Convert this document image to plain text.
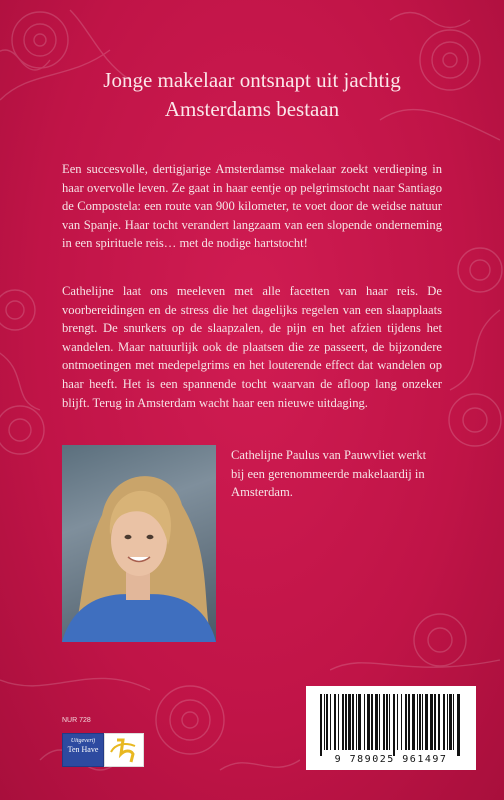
Jonge makelaar ontsnapt uit jachtig
Amsterdams bestaan

Een succesvolle, dertigjarige Amsterdamse makelaar zoekt verdieping in haar overvolle leven. Ze gaat in haar eentje op pelgrimstocht naar Santiago de Compostela: een route van 900 kilometer, te voet door de weidse natuur van Spanje. Haar tocht verandert langzaam van een slopende onderneming in een spirituele reis… met de nodige hartstocht!

Cathelijne laat ons meeleven met alle facetten van haar reis. De voorbereidingen en de stress die het dagelijks regelen van een slaapplaats brengt. De snurkers op de slaapzalen, de pijn en het afzien tijdens het wandelen. Maar natuurlijk ook de plaatsen die ze passeert, de bijzondere ontmoetingen met medepelgrims en het louterende effect dat wandelen op haar heeft. Het is een spannende tocht waarvan de afloop lang onzeker blijft. Terug in Amsterdam wacht haar een nieuwe uitdaging.

Cathelijne Paulus van Pauwvliet werkt bij een gerenommeerde makelaardij in Amsterdam.

NUR 728
Uitgeverij
Ten Have
9 789025 961497
